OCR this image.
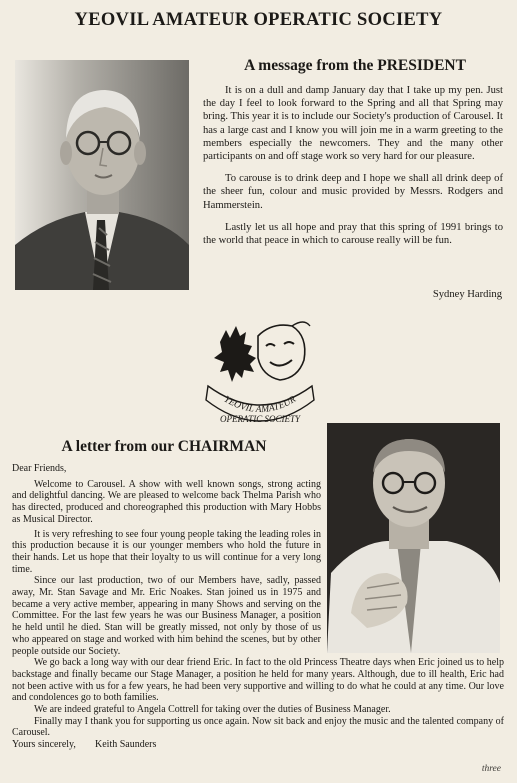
YEOVIL AMATEUR OPERATIC SOCIETY
A message from the PRESIDENT

It is on a dull and damp January day that I take up my pen. Just the day I feel to look forward to the Spring and all that Spring may bring. This year it is to include our Society's production of Carousel. It has a large cast and I know you will join me in a warm greeting to the members especially the newcomers. They and the many other participants on and off stage work so very hard for our pleasure.

To carouse is to drink deep and I hope we shall all drink deep of the sheer fun, colour and music provided by Messrs. Rodgers and Hammerstein.

Lastly let us all hope and pray that this spring of 1991 brings to the world that peace in which to carouse really will be fun.

Sydney Harding
YEOVIL AMATEUR
OPERATIC SOCIETY
A letter from our CHAIRMAN

Dear Friends,

Welcome to Carousel. A show with well known songs, strong acting and delightful dancing. We are pleased to welcome back Thelma Parish who has directed, produced and choreographed this production with Mary Hobbs as Musical Director.

It is very refreshing to see four young people taking the leading roles in this production because it is our younger members who hold the future in their hands. Let us hope that their loyalty to us will continue for a very long time.

Since our last production, two of our Members have, sadly, passed away, Mr. Stan Savage and Mr. Eric Noakes. Stan joined us in 1975 and became a very active member, appearing in many Shows and serving on the Committee. For the last few years he was our Business Manager, a position he held until he died. Stan will be greatly missed, not only by those of us who appeared on stage and worked with him behind the scenes, but by other people outside our Society.

We go back a long way with our dear friend Eric. In fact to the old Princess Theatre days when Eric joined us to help backstage and finally became our Stage Manager, a position he held for many years. Although, due to ill health, Eric had not been active with us for a few years, he had been very supportive and willing to do what he could at any time. Our love and condolences go to both families.

We are indeed grateful to Angela Cottrell for taking over the duties of Business Manager.

Finally may I thank you for supporting us once again. Now sit back and enjoy the music and the talented company of Carousel.

Yours sincerely,	Keith Saunders
three
